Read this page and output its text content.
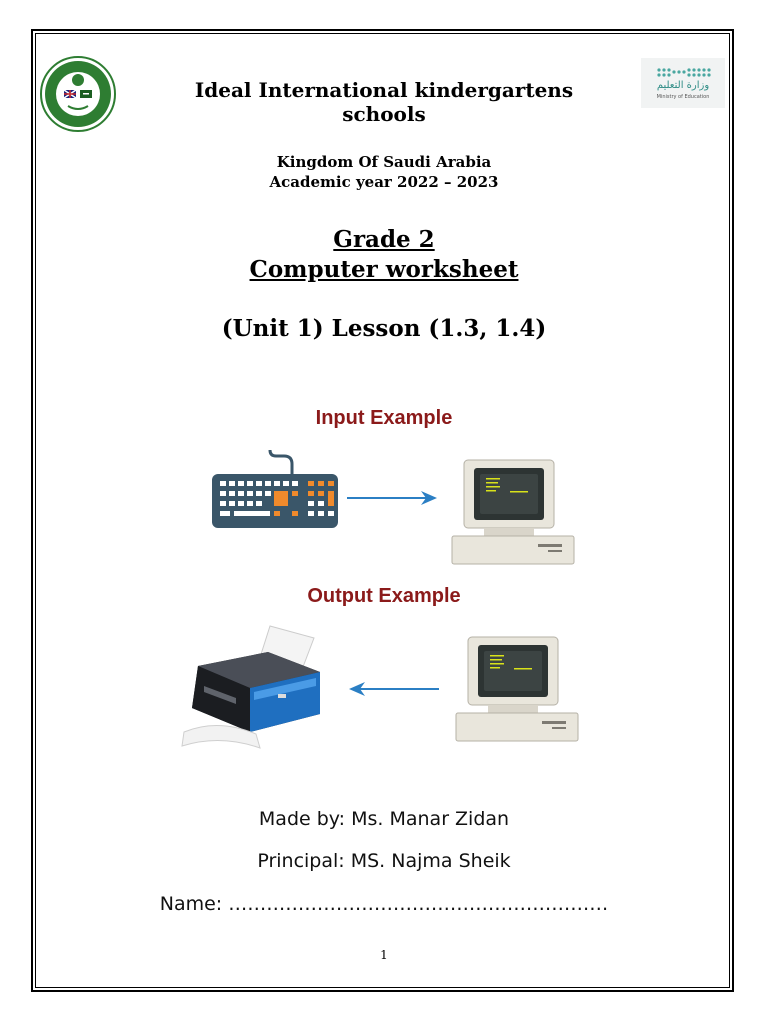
وزارة التعليم
Ministry of Education
Ideal International kindergartens
schools
Kingdom Of Saudi Arabia
Academic year 2022 – 2023
Grade 2
Computer worksheet
(Unit 1) Lesson (1.3, 1.4)
Input Example
Output Example
Made by: Ms. Manar Zidan
Principal: MS. Najma Sheik
Name: ……………………………………………………
1
